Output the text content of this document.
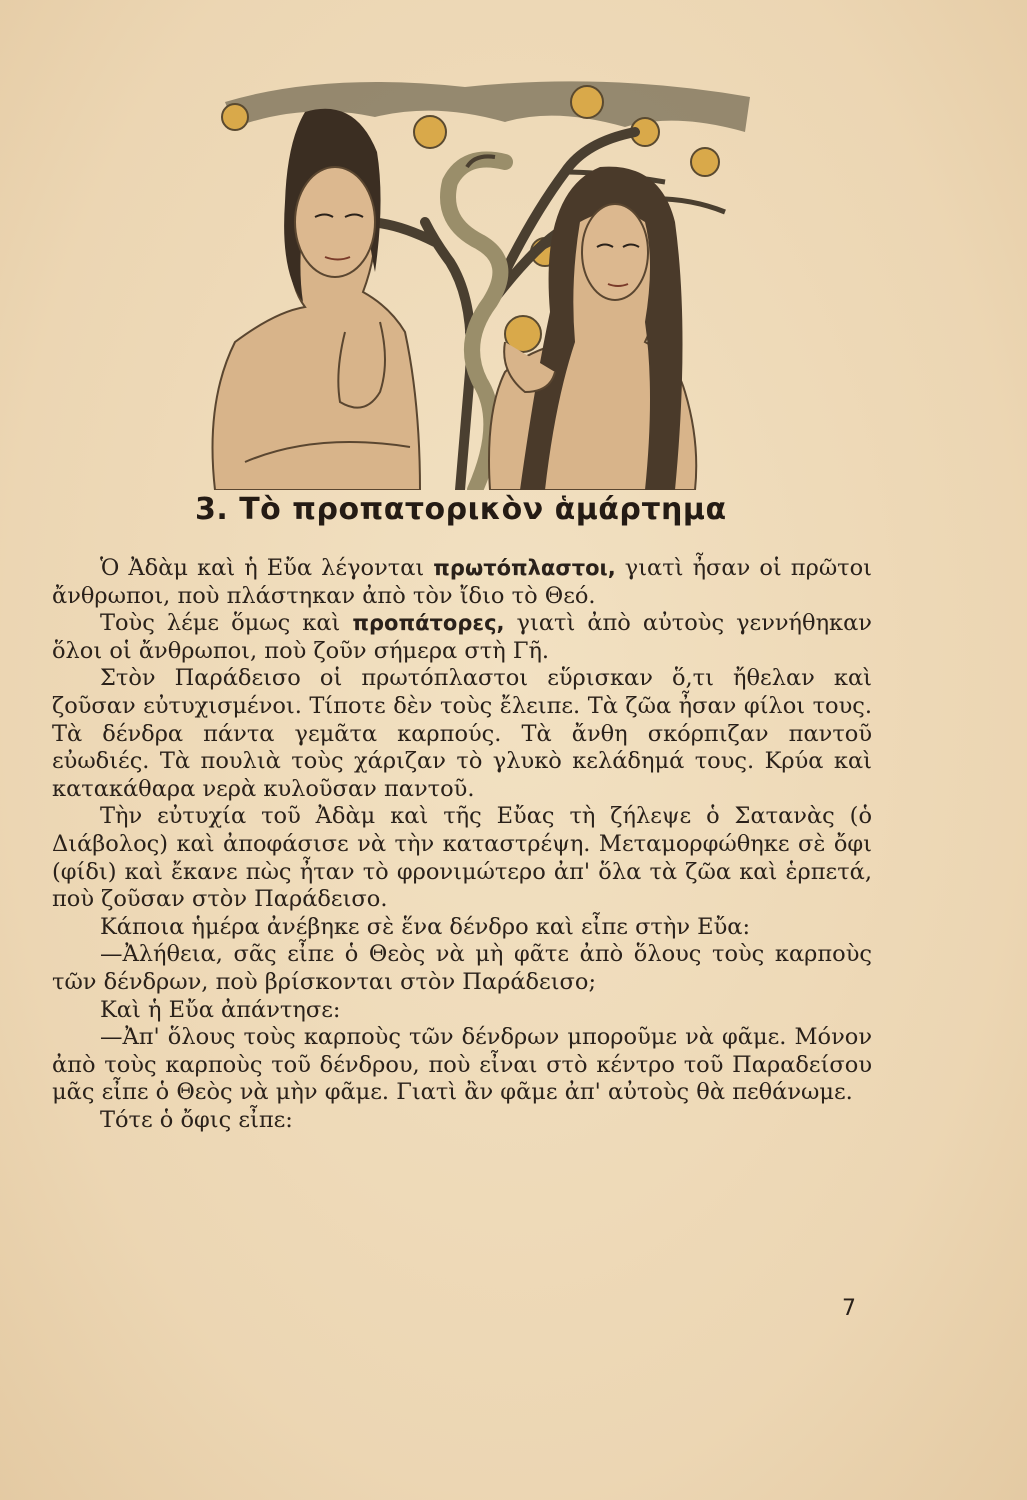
3. Τὸ προπατορικὸν ἁμάρτημα

Ὁ Ἀδὰμ καὶ ἡ Εὔα λέγονται πρωτόπλαστοι, γιατὶ ἦσαν οἱ πρῶτοι ἄνθρωποι, ποὺ πλάστηκαν ἀπὸ τὸν ἴδιο τὸ Θεό.

Τοὺς λέμε ὅμως καὶ προπάτορες, γιατὶ ἀπὸ αὐτοὺς γεννήθηκαν ὅλοι οἱ ἄνθρωποι, ποὺ ζοῦν σήμερα στὴ Γῆ.

Στὸν Παράδεισο οἱ πρωτόπλαστοι εὕρισκαν ὅ,τι ἤθελαν καὶ ζοῦσαν εὐτυχισμένοι. Τίποτε δὲν τοὺς ἔλειπε. Τὰ ζῶα ἦσαν φίλοι τους. Τὰ δένδρα πάντα γεμᾶτα καρπούς. Τὰ ἄνθη σκόρπιζαν παντοῦ εὐωδιές. Τὰ πουλιὰ τοὺς χάριζαν τὸ γλυκὸ κελάδημά τους. Κρύα καὶ κατακάθαρα νερὰ κυλοῦσαν παντοῦ.

Τὴν εὐτυχία τοῦ Ἀδὰμ καὶ τῆς Εὔας τὴ ζήλεψε ὁ Σατανὰς (ὁ Διάβολος) καὶ ἀποφάσισε νὰ τὴν καταστρέψη. Μεταμορφώθηκε σὲ ὄφι (φίδι) καὶ ἔκανε πὼς ἦταν τὸ φρονιμώτερο ἀπ' ὅλα τὰ ζῶα καὶ ἑρπετά, ποὺ ζοῦσαν στὸν Παράδεισο.

Κάποια ἡμέρα ἀνέβηκε σὲ ἕνα δένδρο καὶ εἶπε στὴν Εὔα:

—Ἀλήθεια, σᾶς εἶπε ὁ Θεὸς νὰ μὴ φᾶτε ἀπὸ ὅλους τοὺς καρποὺς τῶν δένδρων, ποὺ βρίσκονται στὸν Παράδεισο;

Καὶ ἡ Εὔα ἀπάντησε:

—Ἀπ' ὅλους τοὺς καρποὺς τῶν δένδρων μποροῦμε νὰ φᾶμε. Μόνον ἀπὸ τοὺς καρποὺς τοῦ δένδρου, ποὺ εἶναι στὸ κέντρο τοῦ Παραδείσου μᾶς εἶπε ὁ Θεὸς νὰ μὴν φᾶμε. Γιατὶ ἂν φᾶμε ἀπ' αὐτοὺς θὰ πεθάνωμε.

Τότε ὁ ὄφις εἶπε:

7
